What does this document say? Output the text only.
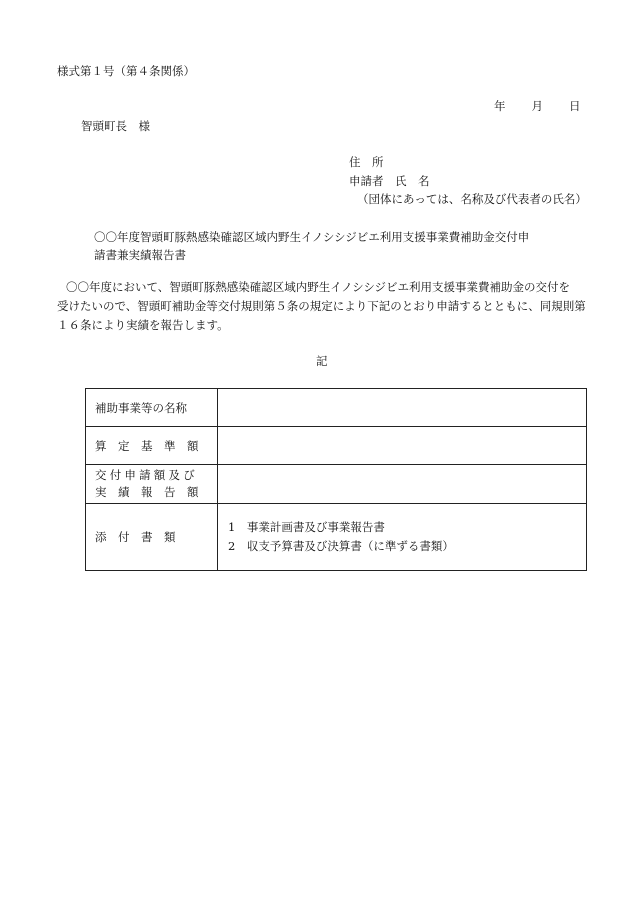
様式第１号（第４条関係）
年 月 日
智頭町長　様
住　所
申請者　氏　名
（団体にあっては、名称及び代表者の氏名）
〇〇年度智頭町豚熱感染確認区域内野生イノシシジビエ利用支援事業費補助金交付申
請書兼実績報告書
〇〇年度において、智頭町豚熱感染確認区域内野生イノシシジビエ利用支援事業費補助金の交付を
受けたいので、智頭町補助金等交付規則第５条の規定により下記のとおり申請するとともに、同規則第
１６条により実績を報告します。
記
補助事業等の名称	
算　定　基　準　額	

交付申請額及び
実　績　報　告　額	

添　付　書　類	1　事業計画書及び事業報告書
2　収支予算書及び決算書（に準ずる書類）
